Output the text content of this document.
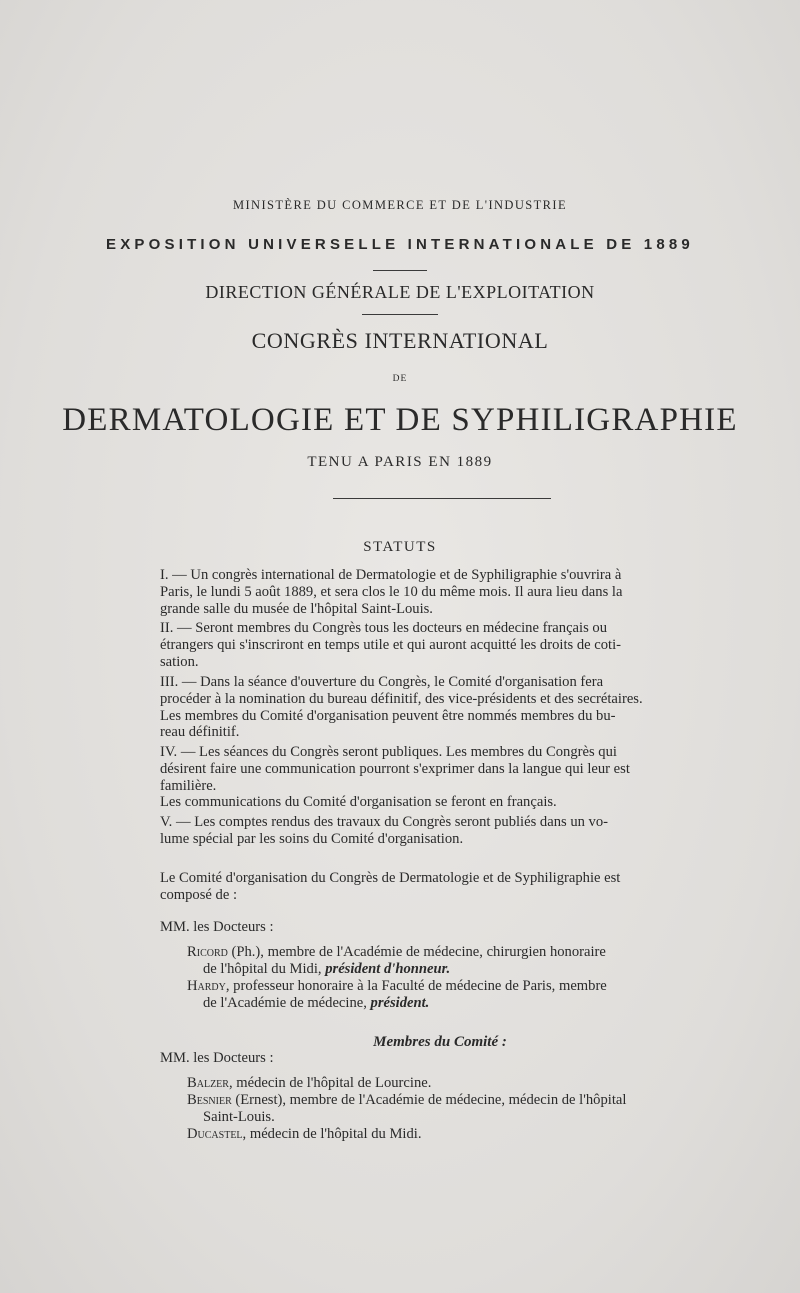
MINISTÈRE DU COMMERCE ET DE L'INDUSTRIE
EXPOSITION UNIVERSELLE INTERNATIONALE DE 1889
DIRECTION GÉNÉRALE DE L'EXPLOITATION
CONGRÈS INTERNATIONAL
DE
DERMATOLOGIE ET DE SYPHILIGRAPHIE
TENU A PARIS EN 1889
STATUTS
I. — Un congrès international de Dermatologie et de Syphiligraphie s'ouvrira à
Paris, le lundi 5 août 1889, et sera clos le 10 du même mois. Il aura lieu dans la
grande salle du musée de l'hôpital Saint-Louis.
II. — Seront membres du Congrès tous les docteurs en médecine français ou
étrangers qui s'inscriront en temps utile et qui auront acquitté les droits de coti-
sation.
III. — Dans la séance d'ouverture du Congrès, le Comité d'organisation fera
procéder à la nomination du bureau définitif, des vice-présidents et des secrétaires.
Les membres du Comité d'organisation peuvent être nommés membres du bu-
reau définitif.
IV. — Les séances du Congrès seront publiques. Les membres du Congrès qui
désirent faire une communication pourront s'exprimer dans la langue qui leur est
familière.
Les communications du Comité d'organisation se feront en français.
V. — Les comptes rendus des travaux du Congrès seront publiés dans un vo-
lume spécial par les soins du Comité d'organisation.
Le Comité d'organisation du Congrès de Dermatologie et de Syphiligraphie est
composé de :
MM. les Docteurs :
Ricord (Ph.), membre de l'Académie de médecine, chirurgien honoraire
de l'hôpital du Midi, président d'honneur.
Hardy, professeur honoraire à la Faculté de médecine de Paris, membre
de l'Académie de médecine, président.
Membres du Comité :
MM. les Docteurs :
Balzer, médecin de l'hôpital de Lourcine.
Besnier (Ernest), membre de l'Académie de médecine, médecin de l'hôpital
Saint-Louis.
Ducastel, médecin de l'hôpital du Midi.
